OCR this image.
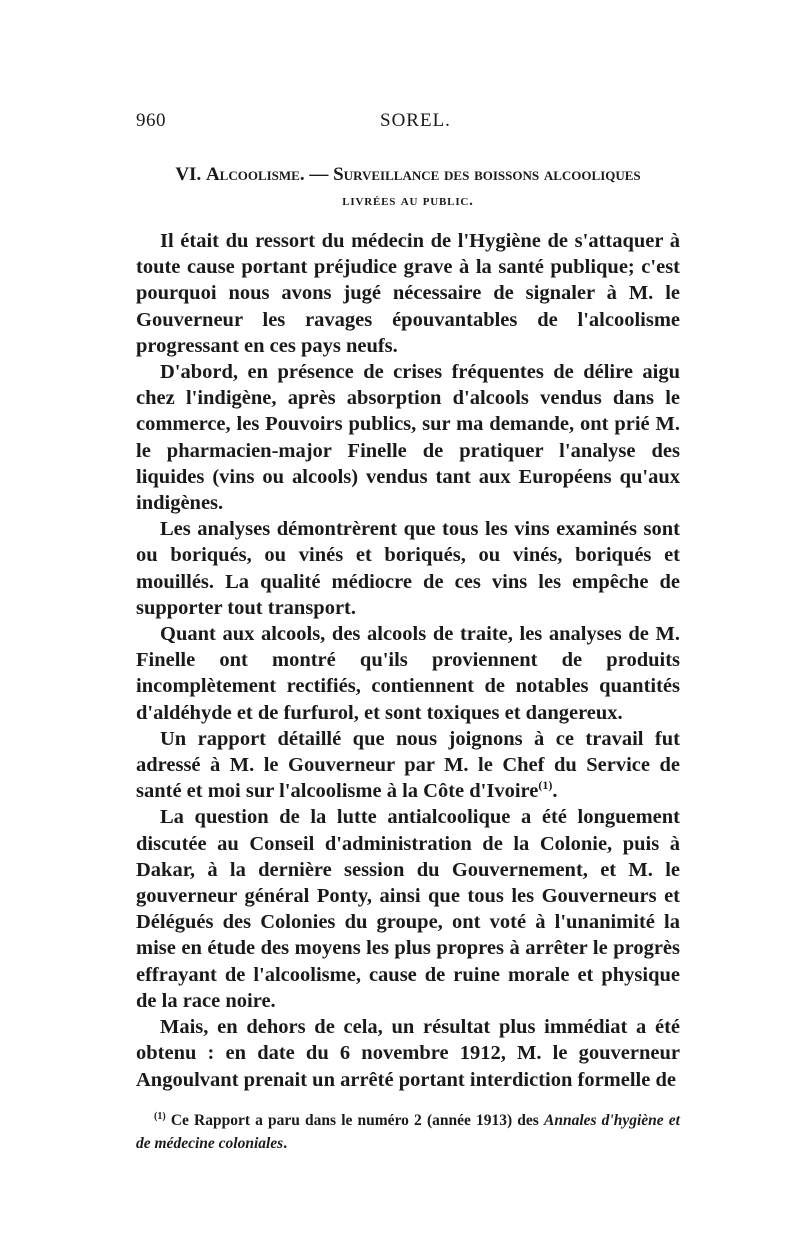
960	SOREL.
VI. Alcoolisme. — Surveillance des boissons alcooliques
livrées au public.

Il était du ressort du médecin de l'Hygiène de s'attaquer à toute cause portant préjudice grave à la santé publique; c'est pourquoi nous avons jugé nécessaire de signaler à M. le Gouverneur les ravages épouvantables de l'alcoolisme progressant en ces pays neufs.

D'abord, en présence de crises fréquentes de délire aigu chez l'indigène, après absorption d'alcools vendus dans le commerce, les Pouvoirs publics, sur ma demande, ont prié M. le pharmacien-major Finelle de pratiquer l'analyse des liquides (vins ou alcools) vendus tant aux Européens qu'aux indigènes.

Les analyses démontrèrent que tous les vins examinés sont ou boriqués, ou vinés et boriqués, ou vinés, boriqués et mouillés. La qualité médiocre de ces vins les empêche de supporter tout transport.

Quant aux alcools, des alcools de traite, les analyses de M. Finelle ont montré qu'ils proviennent de produits incomplètement rectifiés, contiennent de notables quantités d'aldéhyde et de furfurol, et sont toxiques et dangereux.

Un rapport détaillé que nous joignons à ce travail fut adressé à M. le Gouverneur par M. le Chef du Service de santé et moi sur l'alcoolisme à la Côte d'Ivoire$^{(1)}$.

La question de la lutte antialcoolique a été longuement discutée au Conseil d'administration de la Colonie, puis à Dakar, à la dernière session du Gouvernement, et M. le gouverneur général Ponty, ainsi que tous les Gouverneurs et Délégués des Colonies du groupe, ont voté à l'unanimité la mise en étude des moyens les plus propres à arrêter le progrès effrayant de l'alcoolisme, cause de ruine morale et physique de la race noire.

Mais, en dehors de cela, un résultat plus immédiat a été obtenu : en date du 6 novembre 1912, M. le gouverneur Angoulvant prenait un arrêté portant interdiction formelle de

$^{(1)}$ Ce Rapport a paru dans le numéro 2 (année 1913) des Annales d'hygiène et de médecine coloniales.
